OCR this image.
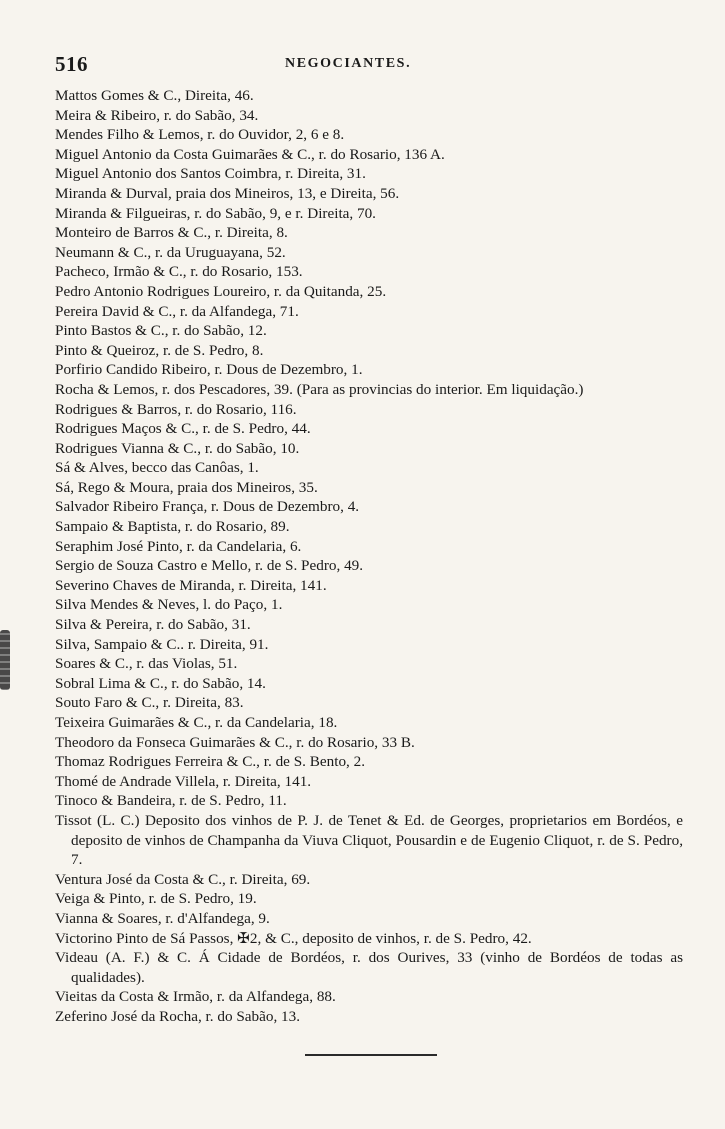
516	NEGOCIANTES.
Mattos Gomes & C., Direita, 46.
Meira & Ribeiro, r. do Sabão, 34.
Mendes Filho & Lemos, r. do Ouvidor, 2, 6 e 8.
Miguel Antonio da Costa Guimarães & C., r. do Rosario, 136 A.
Miguel Antonio dos Santos Coimbra, r. Direita, 31.
Miranda & Durval, praia dos Mineiros, 13, e Direita, 56.
Miranda & Filgueiras, r. do Sabão, 9, e r. Direita, 70.
Monteiro de Barros & C., r. Direita, 8.
Neumann & C., r. da Uruguayana, 52.
Pacheco, Irmão & C., r. do Rosario, 153.
Pedro Antonio Rodrigues Loureiro, r. da Quitanda, 25.
Pereira David & C., r. da Alfandega, 71.
Pinto Bastos & C., r. do Sabão, 12.
Pinto & Queiroz, r. de S. Pedro, 8.
Porfirio Candido Ribeiro, r. Dous de Dezembro, 1.
Rocha & Lemos, r. dos Pescadores, 39. (Para as provincias do interior. Em liquidação.)
Rodrigues & Barros, r. do Rosario, 116.
Rodrigues Maços & C., r. de S. Pedro, 44.
Rodrigues Vianna & C., r. do Sabão, 10.
Sá & Alves, becco das Canôas, 1.
Sá, Rego & Moura, praia dos Mineiros, 35.
Salvador Ribeiro França, r. Dous de Dezembro, 4.
Sampaio & Baptista, r. do Rosario, 89.
Seraphim José Pinto, r. da Candelaria, 6.
Sergio de Souza Castro e Mello, r. de S. Pedro, 49.
Severino Chaves de Miranda, r. Direita, 141.
Silva Mendes & Neves, l. do Paço, 1.
Silva & Pereira, r. do Sabão, 31.
Silva, Sampaio & C.. r. Direita, 91.
Soares & C., r. das Violas, 51.
Sobral Lima & C., r. do Sabão, 14.
Souto Faro & C., r. Direita, 83.
Teixeira Guimarães & C., r. da Candelaria, 18.
Theodoro da Fonseca Guimarães & C., r. do Rosario, 33 B.
Thomaz Rodrigues Ferreira & C., r. de S. Bento, 2.
Thomé de Andrade Villela, r. Direita, 141.
Tinoco & Bandeira, r. de S. Pedro, 11.
Tissot (L. C.) Deposito dos vinhos de P. J. de Tenet & Ed. de Georges, proprietarios em Bordéos, e deposito de vinhos de Champanha da Viuva Cliquot, Pousardin e de Eugenio Cliquot, r. de S. Pedro, 7.
Ventura José da Costa & C., r. Direita, 69.
Veiga & Pinto, r. de S. Pedro, 19.
Vianna & Soares, r. d'Alfandega, 9.
Victorino Pinto de Sá Passos, ✠2, & C., deposito de vinhos, r. de S. Pedro, 42.
Videau (A. F.) & C. Á Cidade de Bordéos, r. dos Ourives, 33 (vinho de Bordéos de todas as qualidades).
Vieitas da Costa & Irmão, r. da Alfandega, 88.
Zeferino José da Rocha, r. do Sabão, 13.
